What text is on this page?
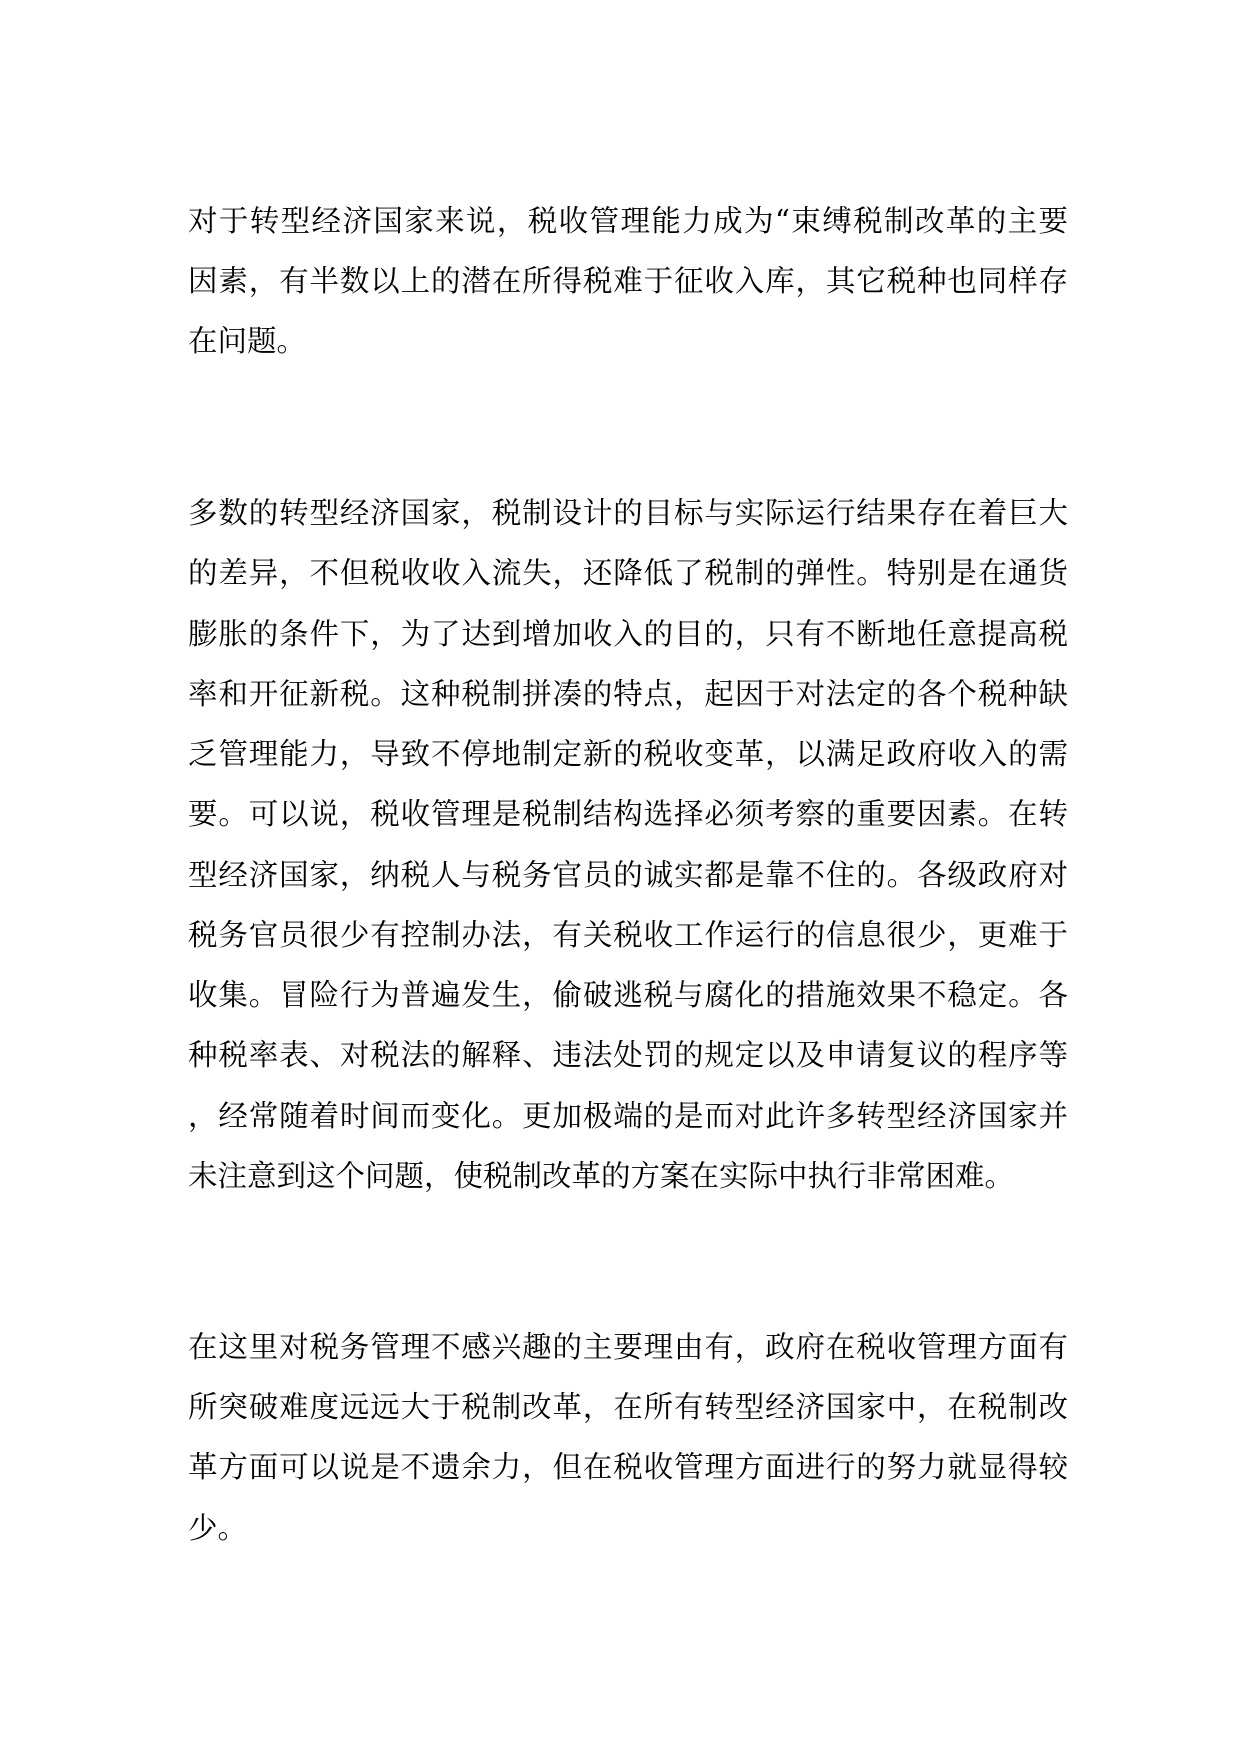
对于转型经济国家来说，税收管理能力成为“束缚税制改革的主要

因素，有半数以上的潜在所得税难于征收入库，其它税种也同样存

在问题。

多数的转型经济国家，税制设计的目标与实际运行结果存在着巨大

的差异，不但税收收入流失，还降低了税制的弹性。特别是在通货

膨胀的条件下，为了达到增加收入的目的，只有不断地任意提高税

率和开征新税。这种税制拼凑的特点，起因于对法定的各个税种缺

乏管理能力，导致不停地制定新的税收变革，以满足政府收入的需

要。可以说，税收管理是税制结构选择必须考察的重要因素。在转

型经济国家，纳税人与税务官员的诚实都是靠不住的。各级政府对

税务官员很少有控制办法，有关税收工作运行的信息很少，更难于

收集。冒险行为普遍发生，偷破逃税与腐化的措施效果不稳定。各

种税率表、对税法的解释、违法处罚的规定以及申请复议的程序等

，经常随着时间而变化。更加极端的是而对此许多转型经济国家并

未注意到这个问题，使税制改革的方案在实际中执行非常困难。

在这里对税务管理不感兴趣的主要理由有，政府在税收管理方面有

所突破难度远远大于税制改革，在所有转型经济国家中，在税制改

革方面可以说是不遗余力，但在税收管理方面进行的努力就显得较

少。
